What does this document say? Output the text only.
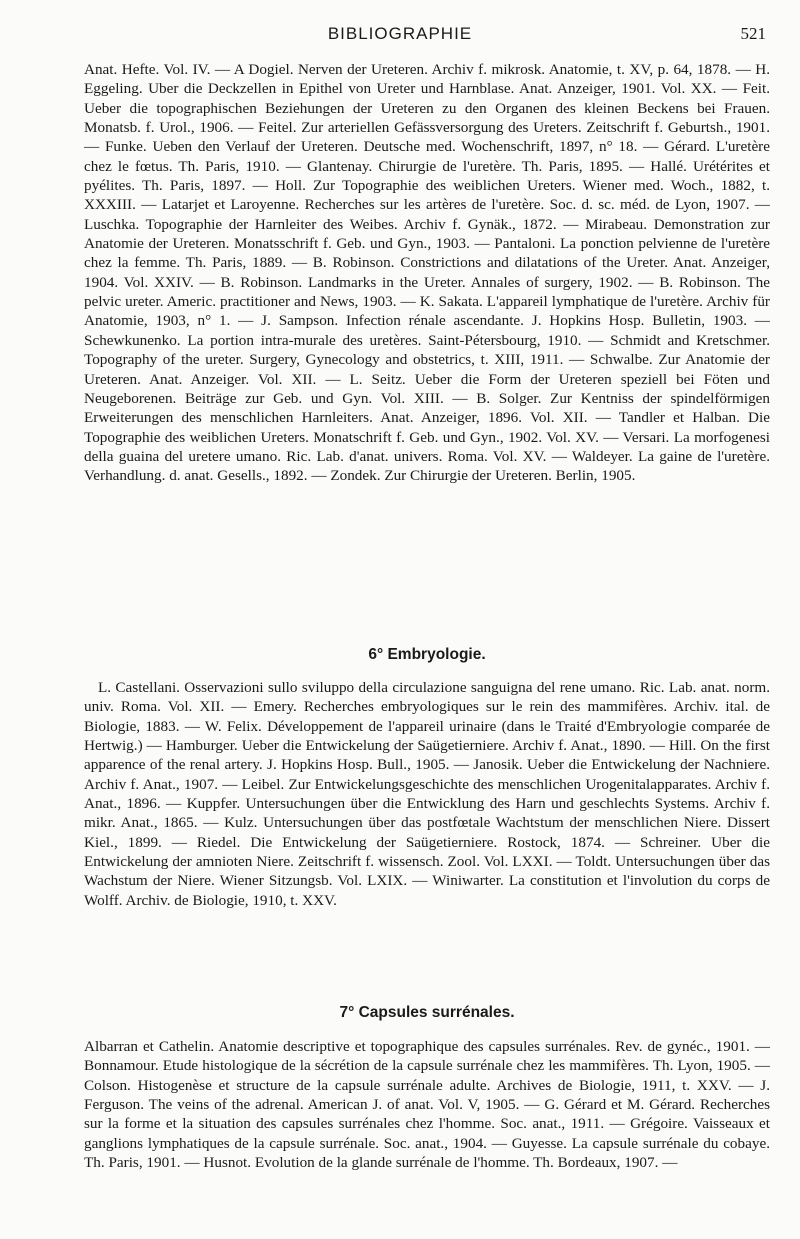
BIBLIOGRAPHIE	521

Anat. Hefte. Vol. IV. — A Dogiel. Nerven der Ureteren. Archiv f. mikrosk. Anatomie, t. XV, p. 64, 1878. — H. Eggeling. Uber die Deckzellen in Epithel von Ureter und Harnblase. Anat. Anzeiger, 1901. Vol. XX. — Feit. Ueber die topographischen Beziehungen der Ureteren zu den Organen des kleinen Beckens bei Frauen. Monatsb. f. Urol., 1906. — Feitel. Zur arteriellen Gefässversorgung des Ureters. Zeitschrift f. Geburtsh., 1901. — Funke. Ueben den Verlauf der Ureteren. Deutsche med. Wochenschrift, 1897, n° 18. — Gérard. L'uretère chez le fœtus. Th. Paris, 1910. — Glantenay. Chirurgie de l'uretère. Th. Paris, 1895. — Hallé. Urétérites et pyélites. Th. Paris, 1897. — Holl. Zur Topographie des weiblichen Ureters. Wiener med. Woch., 1882, t. XXXIII. — Latarjet et Laroyenne. Recherches sur les artères de l'uretère. Soc. d. sc. méd. de Lyon, 1907. — Luschka. Topographie der Harnleiter des Weibes. Archiv f. Gynäk., 1872. — Mirabeau. Demonstration zur Anatomie der Ureteren. Monatsschrift f. Geb. und Gyn., 1903. — Pantaloni. La ponction pelvienne de l'uretère chez la femme. Th. Paris, 1889. — B. Robinson. Constrictions and dilatations of the Ureter. Anat. Anzeiger, 1904. Vol. XXIV. — B. Robinson. Landmarks in the Ureter. Annales of surgery, 1902. — B. Robinson. The pelvic ureter. Americ. practitioner and News, 1903. — K. Sakata. L'appareil lymphatique de l'uretère. Archiv für Anatomie, 1903, n° 1. — J. Sampson. Infection rénale ascendante. J. Hopkins Hosp. Bulletin, 1903. — Schewkunenko. La portion intra-murale des uretères. Saint-Pétersbourg, 1910. — Schmidt and Kretschmer. Topography of the ureter. Surgery, Gynecology and obstetrics, t. XIII, 1911. — Schwalbe. Zur Anatomie der Ureteren. Anat. Anzeiger. Vol. XII. — L. Seitz. Ueber die Form der Ureteren speziell bei Föten und Neugeborenen. Beiträge zur Geb. und Gyn. Vol. XIII. — B. Solger. Zur Kentniss der spindelförmigen Erweiterungen des menschlichen Harnleiters. Anat. Anzeiger, 1896. Vol. XII. — Tandler et Halban. Die Topographie des weiblichen Ureters. Monatschrift f. Geb. und Gyn., 1902. Vol. XV. — Versari. La morfogenesi della guaina del uretere umano. Ric. Lab. d'anat. univers. Roma. Vol. XV. — Waldeyer. La gaine de l'uretère. Verhandlung. d. anat. Gesells., 1892. — Zondek. Zur Chirurgie der Ureteren. Berlin, 1905.

6° Embryologie.

L. Castellani. Osservazioni sullo sviluppo della circulazione sanguigna del rene umano. Ric. Lab. anat. norm. univ. Roma. Vol. XII. — Emery. Recherches embryologiques sur le rein des mammifères. Archiv. ital. de Biologie, 1883. — W. Felix. Développement de l'appareil urinaire (dans le Traité d'Embryologie comparée de Hertwig.) — Hamburger. Ueber die Entwickelung der Saügetierniere. Archiv f. Anat., 1890. — Hill. On the first apparence of the renal artery. J. Hopkins Hosp. Bull., 1905. — Janosik. Ueber die Entwickelung der Nachniere. Archiv f. Anat., 1907. — Leibel. Zur Entwickelungsgeschichte des menschlichen Urogenitalapparates. Archiv f. Anat., 1896. — Kuppfer. Untersuchungen über die Entwicklung des Harn und geschlechts Systems. Archiv f. mikr. Anat., 1865. — Kulz. Untersuchungen über das postfœtale Wachtstum der menschlichen Niere. Dissert Kiel., 1899. — Riedel. Die Entwickelung der Saügetierniere. Rostock, 1874. — Schreiner. Uber die Entwickelung der amnioten Niere. Zeitschrift f. wissensch. Zool. Vol. LXXI. — Toldt. Untersuchungen über das Wachstum der Niere. Wiener Sitzungsb. Vol. LXIX. — Winiwarter. La constitution et l'involution du corps de Wolff. Archiv. de Biologie, 1910, t. XXV.

7° Capsules surrénales.

Albarran et Cathelin. Anatomie descriptive et topographique des capsules surrénales. Rev. de gynéc., 1901. — Bonnamour. Etude histologique de la sécrétion de la capsule surrénale chez les mammifères. Th. Lyon, 1905. — Colson. Histogenèse et structure de la capsule surrénale adulte. Archives de Biologie, 1911, t. XXV. — J. Ferguson. The veins of the adrenal. American J. of anat. Vol. V, 1905. — G. Gérard et M. Gérard. Recherches sur la forme et la situation des capsules surrénales chez l'homme. Soc. anat., 1911. — Grégoire. Vaisseaux et ganglions lymphatiques de la capsule surrénale. Soc. anat., 1904. — Guyesse. La capsule surrénale du cobaye. Th. Paris, 1901. — Husnot. Evolution de la glande surrénale de l'homme. Th. Bordeaux, 1907. —
